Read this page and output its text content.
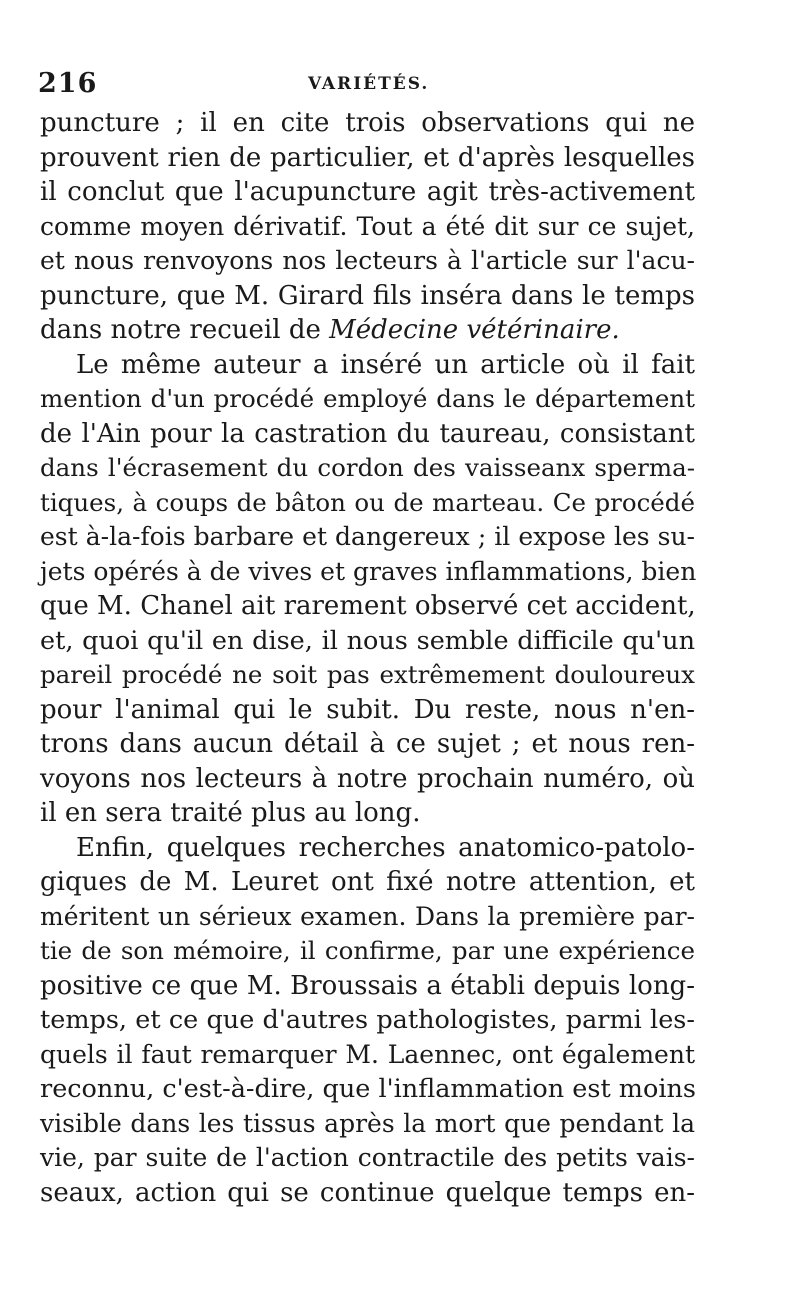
216	VARIÉTÉS.
puncture ; il en cite trois observations qui ne
prouvent rien de particulier, et d'après lesquelles
il conclut que l'acupuncture agit très-activement
comme moyen dérivatif. Tout a été dit sur ce sujet,
et nous renvoyons nos lecteurs à l'article sur l'acu-
puncture, que M. Girard fils inséra dans le temps
dans notre recueil de Médecine vétérinaire.
Le même auteur a inséré un article où il fait
mention d'un procédé employé dans le département
de l'Ain pour la castration du taureau, consistant
dans l'écrasement du cordon des vaisseanx sperma-
tiques, à coups de bâton ou de marteau. Ce procédé
est à-la-fois barbare et dangereux ; il expose les su-
jets opérés à de vives et graves inflammations, bien
que M. Chanel ait rarement observé cet accident,
et, quoi qu'il en dise, il nous semble difficile qu'un
pareil procédé ne soit pas extrêmement douloureux
pour l'animal qui le subit. Du reste, nous n'en-
trons dans aucun détail à ce sujet ; et nous ren-
voyons nos lecteurs à notre prochain numéro, où
il en sera traité plus au long.
Enfin, quelques recherches anatomico-patolo-
giques de M. Leuret ont fixé notre attention, et
méritent un sérieux examen. Dans la première par-
tie de son mémoire, il confirme, par une expérience
positive ce que M. Broussais a établi depuis long-
temps, et ce que d'autres pathologistes, parmi les-
quels il faut remarquer M. Laennec, ont également
reconnu, c'est-à-dire, que l'inflammation est moins
visible dans les tissus après la mort que pendant la
vie, par suite de l'action contractile des petits vais-
seaux, action qui se continue quelque temps en-
